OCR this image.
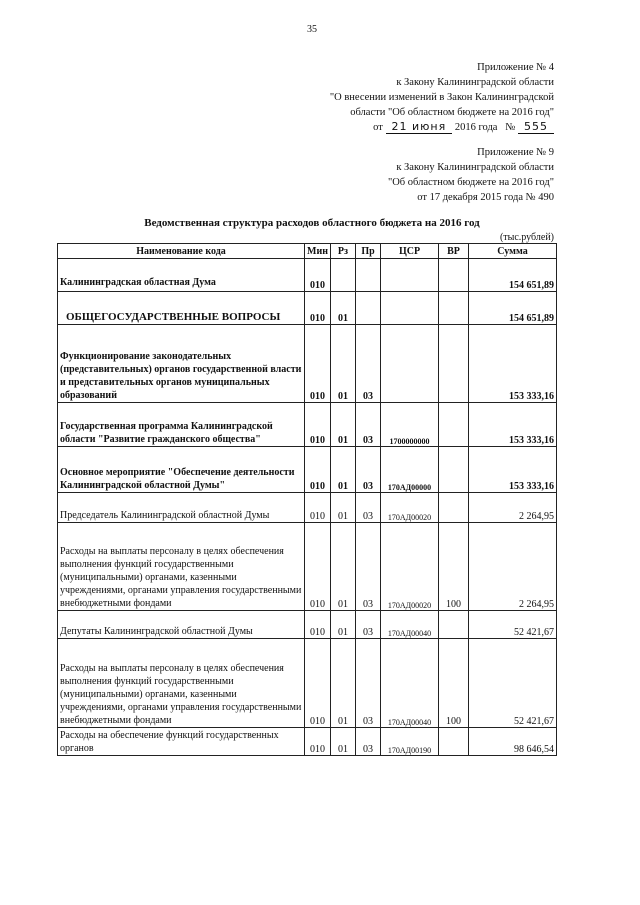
35
Приложение № 4
к Закону Калининградской области
"О внесении изменений в Закон Калининградской
области "Об областном бюджете на 2016 год"
от 21 июня 2016 года № 555
Приложение № 9
к Закону Калининградской области
"Об областном бюджете на 2016 год"
от 17 декабря 2015 года № 490
Ведомственная структура расходов областного бюджета на 2016 год
(тыс.рублей)
Наименование кода	Мин	Рз	Пр	ЦСР	ВР	Сумма
Калининградская областная Дума	010					154 651,89
ОБЩЕГОСУДАРСТВЕННЫЕ ВОПРОСЫ	010	01				154 651,89
Функционирование законодательных (представительных) органов государственной власти и представительных органов муниципальных образований	010	01	03			153 333,16
Государственная программа Калининградской области "Развитие гражданского общества"	010	01	03	1700000000		153 333,16
Основное мероприятие "Обеспечение деятельности Калининградской областной Думы"	010	01	03	170АД00000		153 333,16
Председатель Калининградской областной Думы	010	01	03	170АД00020		2 264,95
Расходы на выплаты персоналу в целях обеспечения выполнения функций государственными (муниципальными) органами, казенными учреждениями, органами управления государственными внебюджетными фондами	010	01	03	170АД00020	100	2 264,95
Депутаты Калининградской областной Думы	010	01	03	170АД00040		52 421,67
Расходы на выплаты персоналу в целях обеспечения выполнения функций государственными (муниципальными) органами, казенными учреждениями, органами управления государственными внебюджетными фондами	010	01	03	170АД00040	100	52 421,67
Расходы на обеспечение функций государственных органов	010	01	03	170АД00190		98 646,54
